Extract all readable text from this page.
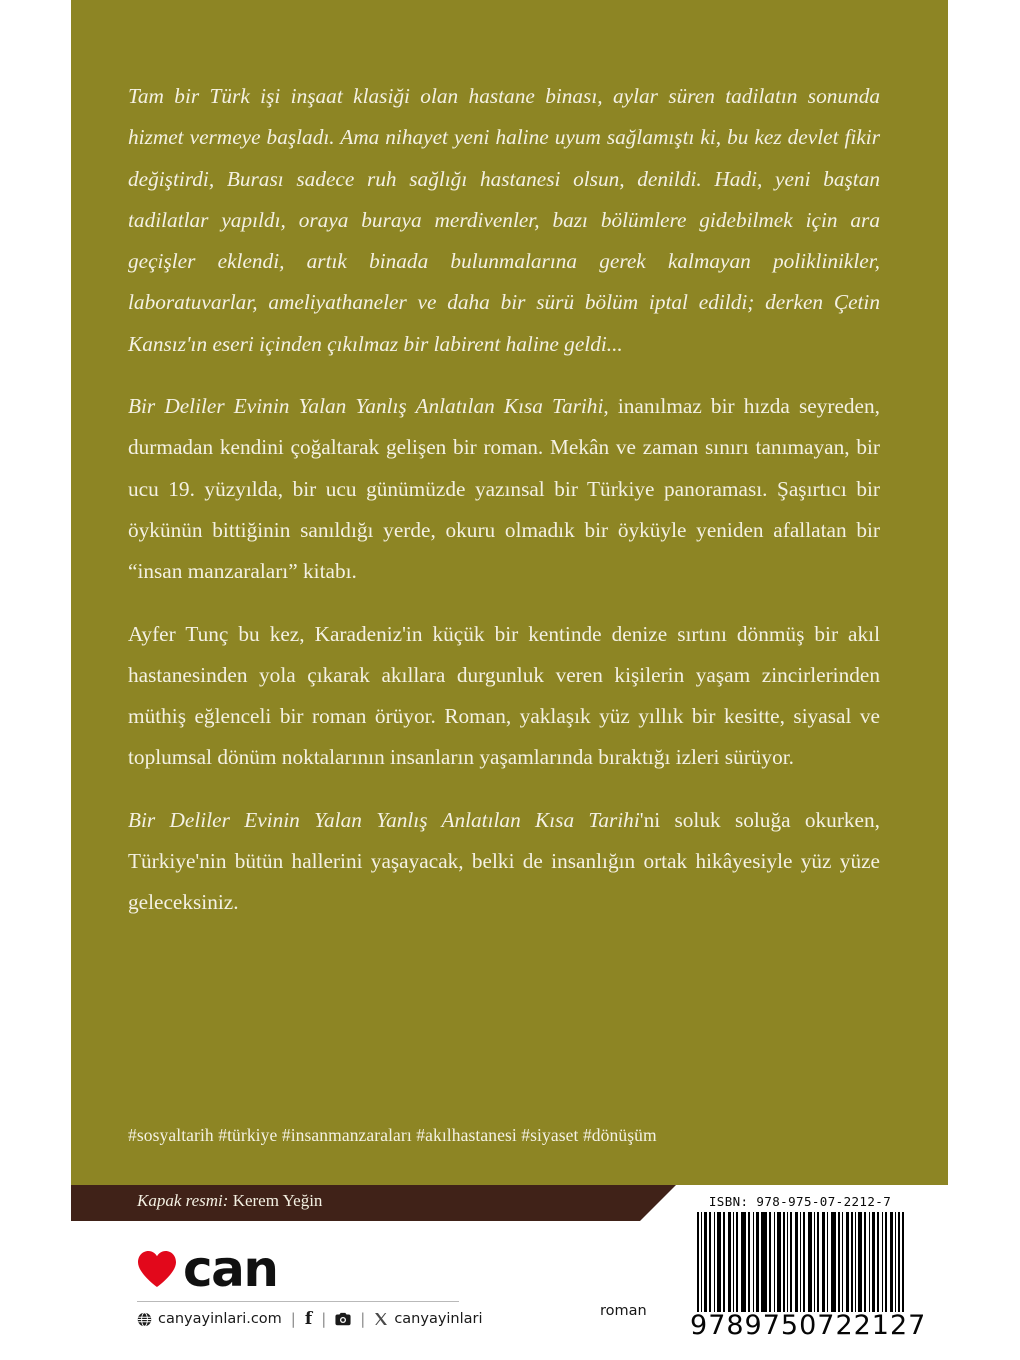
Tam bir Türk işi inşaat klasiği olan hastane binası, aylar süren tadilatın sonunda hizmet vermeye başladı. Ama nihayet yeni haline uyum sağlamıştı ki, bu kez devlet fikir değiştirdi, Burası sadece ruh sağlığı hastanesi olsun, denildi. Hadi, yeni baştan tadilatlar yapıldı, oraya buraya merdivenler, bazı bölümlere gidebilmek için ara geçişler eklendi, artık binada bulunmalarına gerek kalmayan poliklinikler, laboratuvarlar, ameliyathaneler ve daha bir sürü bölüm iptal edildi; derken Çetin Kansız'ın eseri içinden çıkılmaz bir labirent haline geldi...

Bir Deliler Evinin Yalan Yanlış Anlatılan Kısa Tarihi, inanılmaz bir hızda seyreden, durmadan kendini çoğaltarak gelişen bir roman. Mekân ve zaman sınırı tanımayan, bir ucu 19. yüzyılda, bir ucu günümüzde yazınsal bir Türkiye panoraması. Şaşırtıcı bir öykünün bittiğinin sanıldığı yerde, okuru olmadık bir öyküyle yeniden afallatan bir “insan manzaraları” kitabı.

Ayfer Tunç bu kez, Karadeniz'in küçük bir kentinde denize sırtını dönmüş bir akıl hastanesinden yola çıkarak akıllara durgunluk veren kişilerin yaşam zincirlerinden müthiş eğlenceli bir roman örüyor. Roman, yaklaşık yüz yıllık bir kesitte, siyasal ve toplumsal dönüm noktalarının insanların yaşamlarında bıraktığı izleri sürüyor.

Bir Deliler Evinin Yalan Yanlış Anlatılan Kısa Tarihi'ni soluk soluğa okurken, Türkiye'nin bütün hallerini yaşayacak, belki de insanlığın ortak hikâyesiyle yüz yüze geleceksiniz.

#sosyaltarih #türkiye #insanmanzaraları #akılhastanesi #siyaset #dönüşüm
Kapak resmi: Kerem Yeğin
can
canyayinlari.com | f | | canyayinlari	roman
ISBN: 978-975-07-2212-7
9 789750 722127
